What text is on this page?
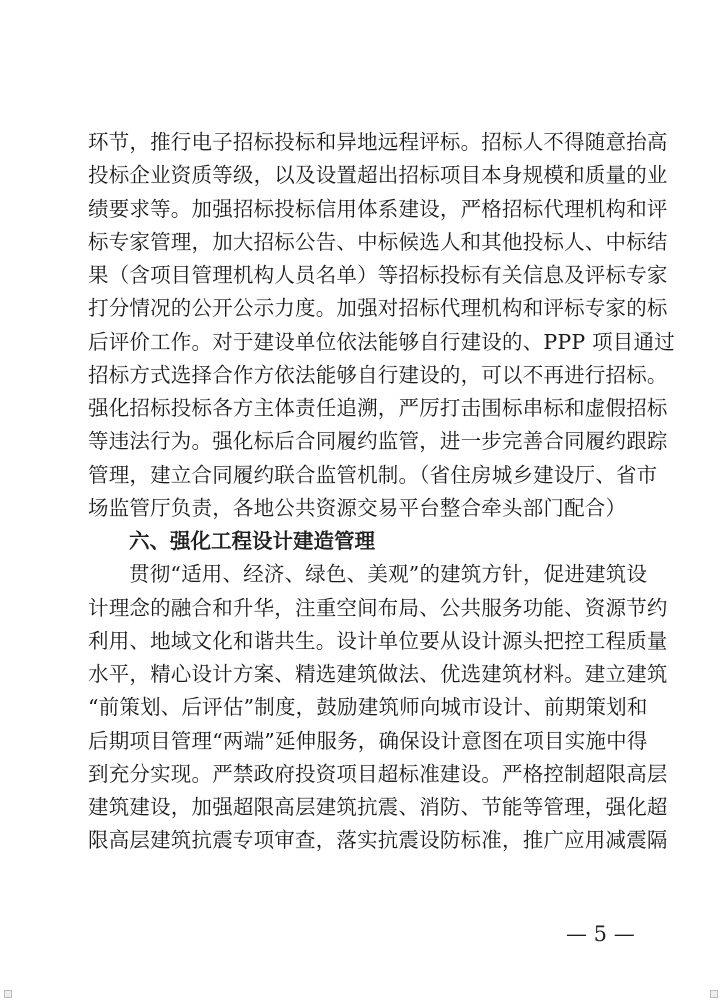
环节，推行电子招标投标和异地远程评标。招标人不得随意抬高
投标企业资质等级，以及设置超出招标项目本身规模和质量的业
绩要求等。加强招标投标信用体系建设，严格招标代理机构和评
标专家管理，加大招标公告、中标候选人和其他投标人、中标结
果（含项目管理机构人员名单）等招标投标有关信息及评标专家
打分情况的公开公示力度。加强对招标代理机构和评标专家的标
后评价工作。对于建设单位依法能够自行建设的、PPP 项目通过
招标方式选择合作方依法能够自行建设的，可以不再进行招标。
强化招标投标各方主体责任追溯，严厉打击围标串标和虚假招标
等违法行为。强化标后合同履约监管，进一步完善合同履约跟踪
管理，建立合同履约联合监管机制。（省住房城乡建设厅、省市
场监管厅负责，各地公共资源交易平台整合牵头部门配合）
六、强化工程设计建造管理
贯彻“适用、经济、绿色、美观”的建筑方针，促进建筑设
计理念的融合和升华，注重空间布局、公共服务功能、资源节约
利用、地域文化和谐共生。设计单位要从设计源头把控工程质量
水平，精心设计方案、精选建筑做法、优选建筑材料。建立建筑
“前策划、后评估”制度，鼓励建筑师向城市设计、前期策划和
后期项目管理“两端”延伸服务，确保设计意图在项目实施中得
到充分实现。严禁政府投资项目超标准建设。严格控制超限高层
建筑建设，加强超限高层建筑抗震、消防、节能等管理，强化超
限高层建筑抗震专项审查，落实抗震设防标准，推广应用减震隔
— 5 —
